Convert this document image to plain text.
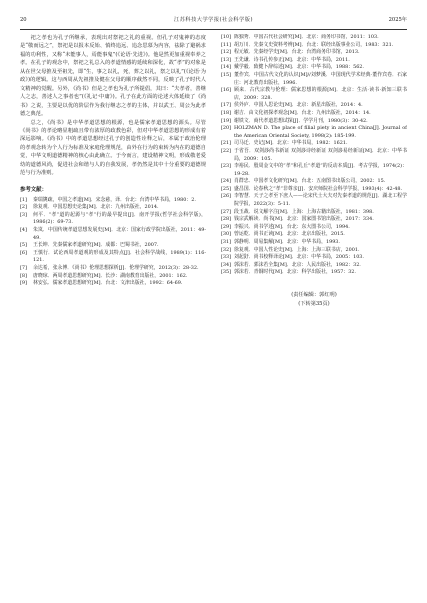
20	江苏科技大学学报(社会科学版)	2025年

祀之孝也为孔子所继承，表现出对祭祀之礼的重视。但孔子对鬼神的态度是“敬而远之”，祭祀是以报本反始、慎终追远、追念思慕为内容，祛除了避祸求福的功利性，又称“未能事人，焉能事鬼”(《论语·先进》)。他是然更加重视奉养之孝。在孔子的观念中，祭祀之礼总入的孝道情感的延续和深化，故“孝”的对象是从在世父母推及至祖先，即“生，事之以礼，死，葬之以礼，祭之以礼”(《论语·为政》)的逻辑。这与西周从先祖推及健在父母的顺序截然不同，反映了孔子时代人文精神的觉醒。另外，《尚书》但是之孝也为孔子所提倡，其曰：“夫孝者，善继人之志，善述人之事者也”(《礼记·中庸》)。孔子在此方面的论述大体延续了《尚书》之说，主要是以优的阶层作为我行继志之孝的主体，并以武王、周公为此孝德之典范。

总之，《尚书》是中华孝道思想的根源，也是儒家孝道思想的源头。尽管《尚书》的孝论略显粗疏且带有浓厚的政教色彩，但对中华孝道思想的形成有着深远影响。《尚书》中的孝道思想经过孔子的创造性诠释之后，本属于政治伦理的孝观念转为个人行为标准及家庭伦理规范，由外在行为的束转为内在的道德自觉，中华文明道德精神的核心由此确立。于今而言，建设精神文明，形成敬老爱幼的道德风尚，促进社会和谐与人的自我发展，孝仍然是其中十分重要的道德规范与行为准则。

参考文献：
[1]	秦瑞篪疏，中国之孝道[M]．宋念慈，译．台北：台湾中华书局，1980：2.
[2]	徐复观．中国思想史论集[M]．北京：九州出版社，2014.
[3]	何平．“孝”道的起源与“孝”行的最早提出[J]．南开学报(哲学社会科学版)，1986(2)：69-73.
[4]	朱岚．中国传统孝道思想发展史[M]．北京：国家行政学院出版社，2011：49-49.
[5]	王长坤．先秦儒家孝道研究[M]．成都：巴蜀书社，2007.
[6]	王慎行．试论西周孝道观的形成及其特点[J]．社会科学战线，1989(1)：116-121.
[7]	余达希，张永博．《尚书》伦理思想探析[J]．伦理学研究，2012(3)：28-32.
[8]	唐晓琼．两周孝道思想研究[M]．长沙：湖南教育出版社，2001：162.
[9]	林安弘．儒家孝道思想研究[M]．台北：文津出版社，1992：64-69.
[10] 陈独秀．中国古代社会研究[M]．北京：商务印书馆，2011：103.
[11] 胡万川．先秦文史资料考辨[M]．台北：联经出版事业公司，1983：321.
[12] 程元敏．先秦经学史[M]．台北：台湾商务印书馆，2013.
[13] 王先谦．诗书孔传参正[M]．北京：中华书局，2011.
[14] 戴学毅．致健卜辞综述[M]．北京：中华书局，1988：562.
[15] 董作宾．中国古代文化的认识[M]//刘梦溪．中国现代学术经典·董作宾卷．石家庄：河北教育出版社，1996.
[16] 顾来．古代宗教与伦理：儒家思想的根源[M]．北京：生活·读书·新知三联书店，2009：328.
[17] 侯外庐．中国人思论史[M]．北京：新星出版社，2014：4.
[18] 谢吉．由文化初探孝观念[M]．台北：九州出版社，2014：14.
[19] 谢铁文．商代孝道思想试探[J]．学学月刊，1980(3)：30-42.
[20] HOLZMAN D. The place of filial piety in ancient China[J]. Journal of the American Oriental Society, 1998(2): 185-199.
[21] 司马迁．史记[M]．北京：中华书局，1982：1621.
[22] 于省吾．双剑誃尚书新证 双剑誃诗经新证 双剑誃易经新证[M]．北京：中华书局，2009：105.
[23] 李裕民．殷周金文中的“孝”和孔丘“孝道”的反动本质[J]．考古学报，1974(2)：19-28.
[24] 肖群忠．中国孝文化研究[M]．台北：五南图书出版公司，2002：15.
[25] 盛昌国．论春秋之“孝”非尊亲[J]．安庆师院社会科学学报，1993(4)：42-48.
[26] 李智慧．天子之孝至下庶人——论宋代士大夫对先秦孝道的规范[J]．湖北工程学院学报，2022(3)：5-11.
[27] 段玉裁．说文解字注[M]．上海：上海古籍出版社，1981：398.
[28] 钱宗武解读．尚书[M]．北京：国家图书馆出版社，2017：334.
[29] 李振兴．尚书学述[M]．台北：东大图书公司，1994.
[30] 曾运乾．尚书正读[M]．北京：北京出版社，2015.
[31] 郭静明．周易集解[M]．北京：中华书局，1993.
[32] 徐复观．中国人性论史[M]．上海：上海三联书店，2001.
[33] 刘起釪．尚书校释译论[M]．北京：中华书局，2005：103.
[34] 郭沫若．郭沫若全集[M]．北京：人民出版社，1982：32.
[35] 郭沫若．青铜时代[M]．北京：科学出版社，1957：32.
(责任编辑：郭红明)
(下转第35页)
